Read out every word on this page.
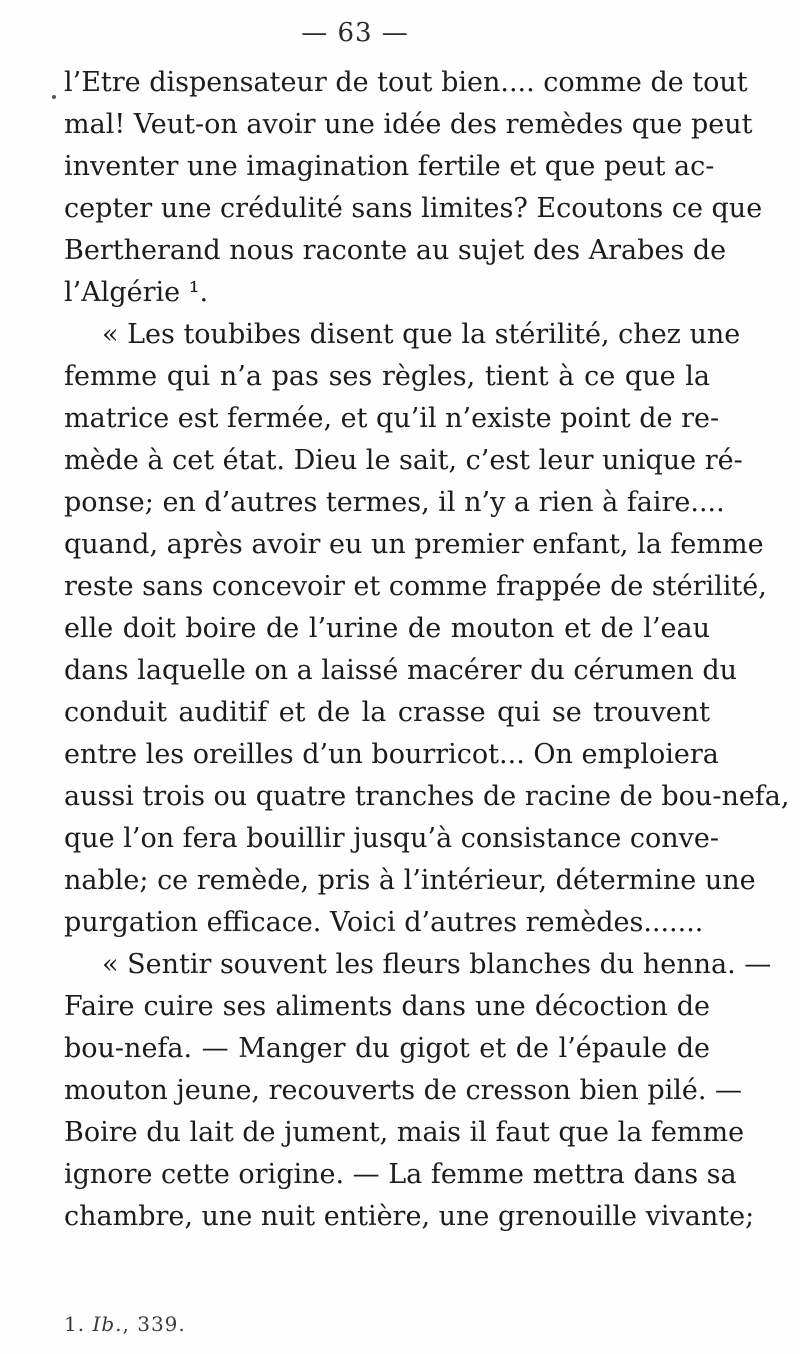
— 63 —
l’Etre dispensateur de tout bien.... comme de tout
mal! Veut-on avoir une idée des remèdes que peut
inventer une imagination fertile et que peut ac-
cepter une crédulité sans limites? Ecoutons ce que
Bertherand nous raconte au sujet des Arabes de
l’Algérie ¹.
« Les toubibes disent que la stérilité, chez une
femme qui n’a pas ses règles, tient à ce que la
matrice est fermée, et qu’il n’existe point de re-
mède à cet état. Dieu le sait, c’est leur unique ré-
ponse; en d’autres termes, il n’y a rien à faire....
quand, après avoir eu un premier enfant, la femme
reste sans concevoir et comme frappée de stérilité,
elle doit boire de l’urine de mouton et de l’eau
dans laquelle on a laissé macérer du cérumen du
conduit auditif et de la crasse qui se trouvent
entre les oreilles d’un bourricot... On emploiera
aussi trois ou quatre tranches de racine de bou-nefa,
que l’on fera bouillir jusqu’à consistance conve-
nable; ce remède, pris à l’intérieur, détermine une
purgation efficace. Voici d’autres remèdes.......
« Sentir souvent les fleurs blanches du henna. —
Faire cuire ses aliments dans une décoction de
bou-nefa. — Manger du gigot et de l’épaule de
mouton jeune, recouverts de cresson bien pilé. —
Boire du lait de jument, mais il faut que la femme
ignore cette origine. — La femme mettra dans sa
chambre, une nuit entière, une grenouille vivante;
1. Ib., 339.
